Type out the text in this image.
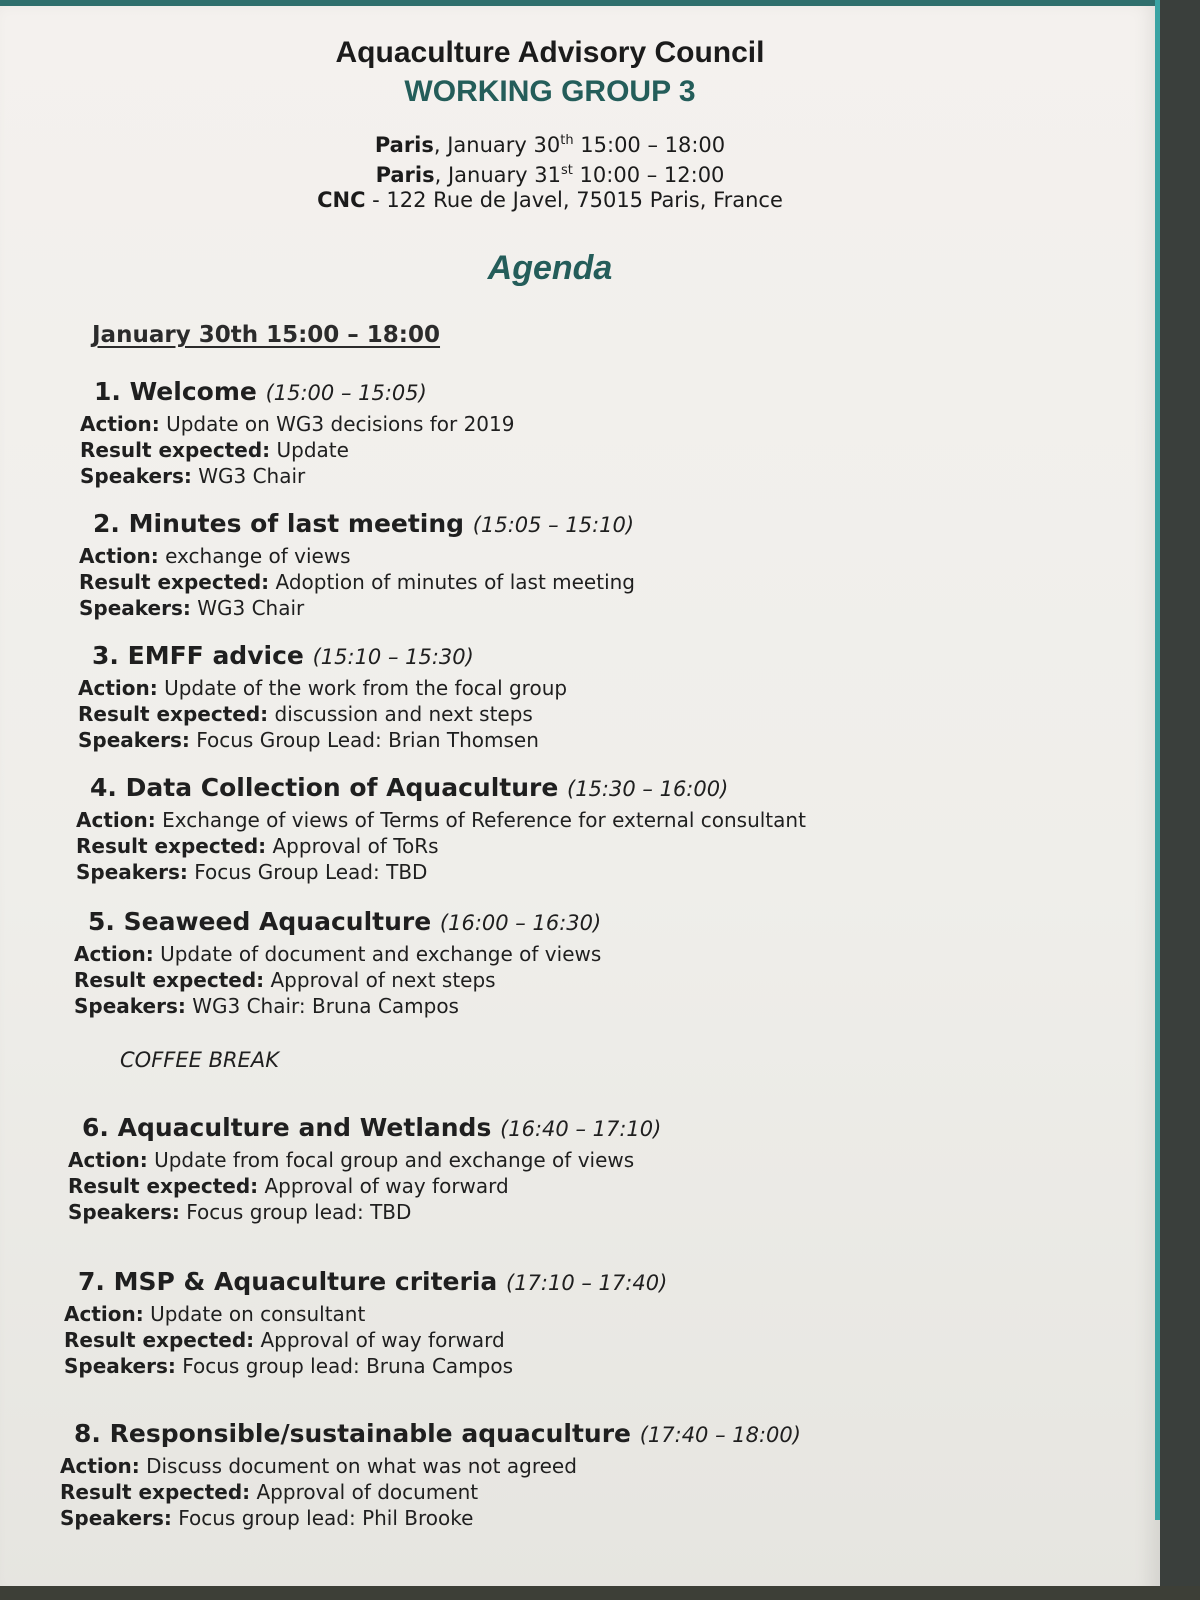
Aquaculture Advisory Council
WORKING GROUP 3
Paris, January 30th 15:00 – 18:00
Paris, January 31st 10:00 – 12:00
CNC - 122 Rue de Javel, 75015 Paris, France
Agenda
January 30th 15:00 – 18:00
1. Welcome (15:00 – 15:05)
Action: Update on WG3 decisions for 2019
Result expected: Update
Speakers: WG3 Chair
2. Minutes of last meeting (15:05 – 15:10)
Action: exchange of views
Result expected: Adoption of minutes of last meeting
Speakers: WG3 Chair
3. EMFF advice (15:10 – 15:30)
Action: Update of the work from the focal group
Result expected: discussion and next steps
Speakers: Focus Group Lead: Brian Thomsen
4. Data Collection of Aquaculture (15:30 – 16:00)
Action: Exchange of views of Terms of Reference for external consultant
Result expected: Approval of ToRs
Speakers: Focus Group Lead: TBD
5. Seaweed Aquaculture (16:00 – 16:30)
Action: Update of document and exchange of views
Result expected: Approval of next steps
Speakers: WG3 Chair: Bruna Campos
COFFEE BREAK
6. Aquaculture and Wetlands (16:40 – 17:10)
Action: Update from focal group and exchange of views
Result expected: Approval of way forward
Speakers: Focus group lead: TBD
7. MSP & Aquaculture criteria (17:10 – 17:40)
Action: Update on consultant
Result expected: Approval of way forward
Speakers: Focus group lead: Bruna Campos
8. Responsible/sustainable aquaculture (17:40 – 18:00)
Action: Discuss document on what was not agreed
Result expected: Approval of document
Speakers: Focus group lead: Phil Brooke
